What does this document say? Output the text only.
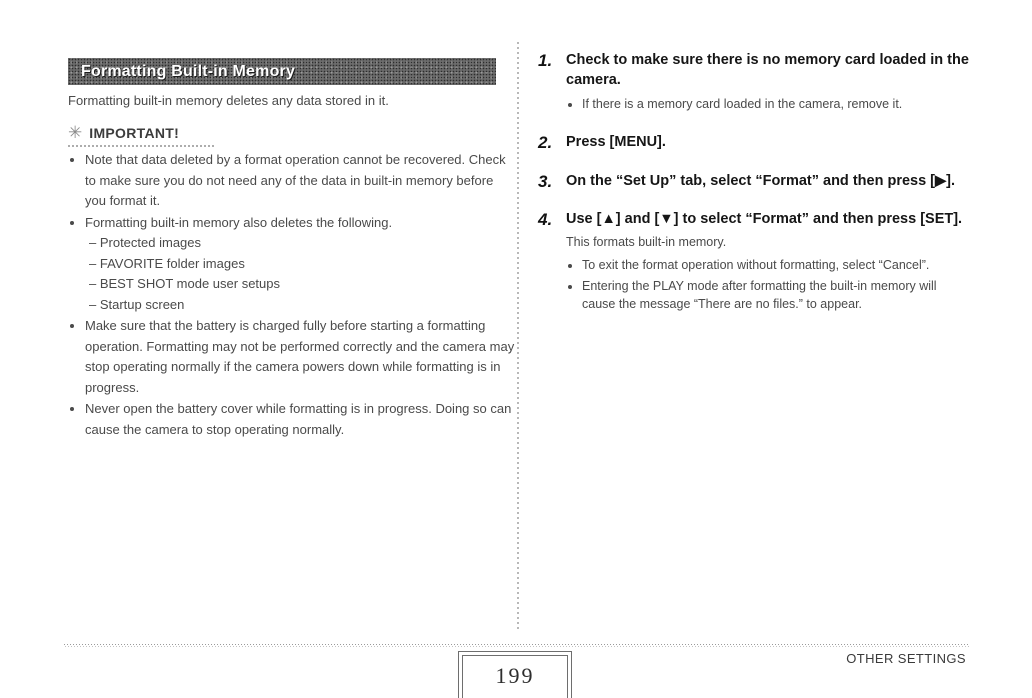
Formatting Built-in Memory
Formatting built-in memory deletes any data stored in it.
✳ IMPORTANT!
• Note that data deleted by a format operation cannot be recovered. Check to make sure you do not need any of the data in built-in memory before you format it.
• Formatting built-in memory also deletes the following.
– Protected images
– FAVORITE folder images
– BEST SHOT mode user setups
– Startup screen
• Make sure that the battery is charged fully before starting a formatting operation. Formatting may not be performed correctly and the camera may stop operating normally if the camera powers down while formatting is in progress.
• Never open the battery cover while formatting is in progress. Doing so can cause the camera to stop operating normally.
1. Check to make sure there is no memory card loaded in the camera.
• If there is a memory card loaded in the camera, remove it.
2. Press [MENU].
3. On the “Set Up” tab, select “Format” and then press [▶].
4. Use [▲] and [▼] to select “Format” and then press [SET].
This formats built-in memory.
• To exit the format operation without formatting, select “Cancel”.
• Entering the PLAY mode after formatting the built-in memory will cause the message “There are no files.” to appear.
199
OTHER SETTINGS
